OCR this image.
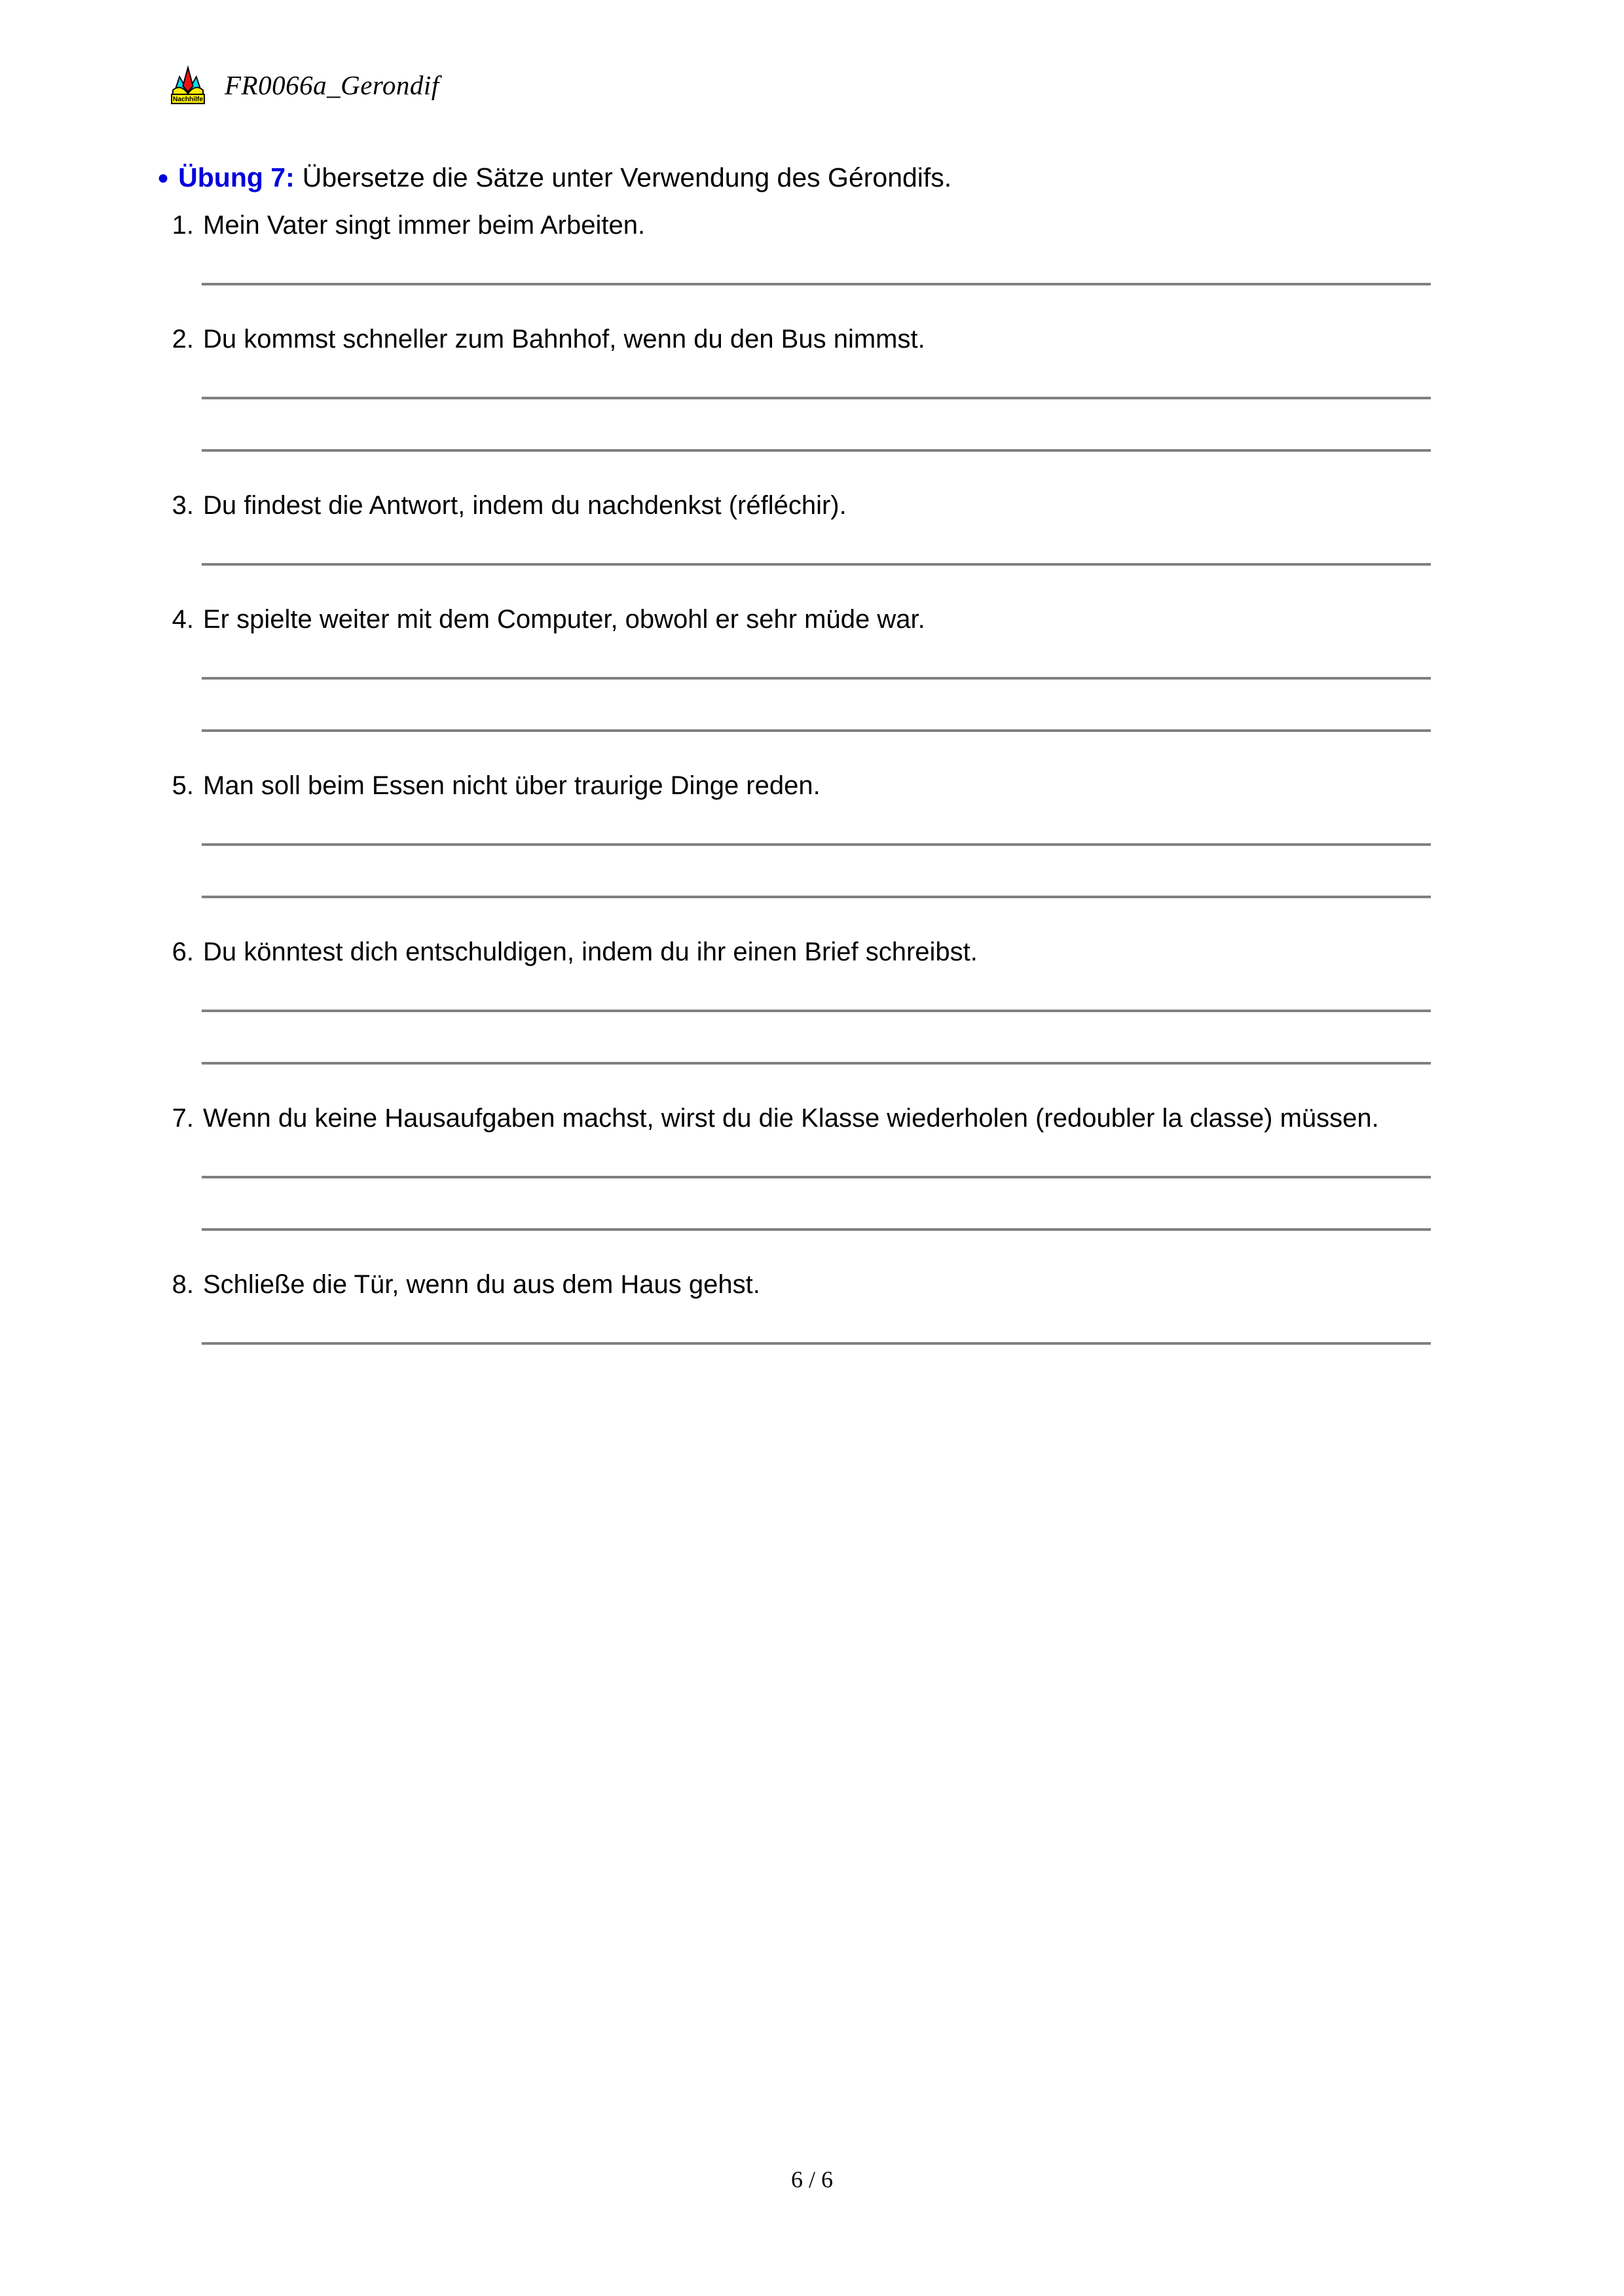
Nachhilfe FR0066a_Gerondif
● Übung 7: Übersetze die Sätze unter Verwendung des Gérondifs.
1. Mein Vater singt immer beim Arbeiten.
2. Du kommst schneller zum Bahnhof, wenn du den Bus nimmst.
3. Du findest die Antwort, indem du nachdenkst (réfléchir).
4. Er spielte weiter mit dem Computer, obwohl er sehr müde war.
5. Man soll beim Essen nicht über traurige Dinge reden.
6. Du könntest dich entschuldigen, indem du ihr einen Brief schreibst.
7. Wenn du keine Hausaufgaben machst, wirst du die Klasse wiederholen (redoubler la classe) müssen.
8. Schließe die Tür, wenn du aus dem Haus gehst.
6 / 6
